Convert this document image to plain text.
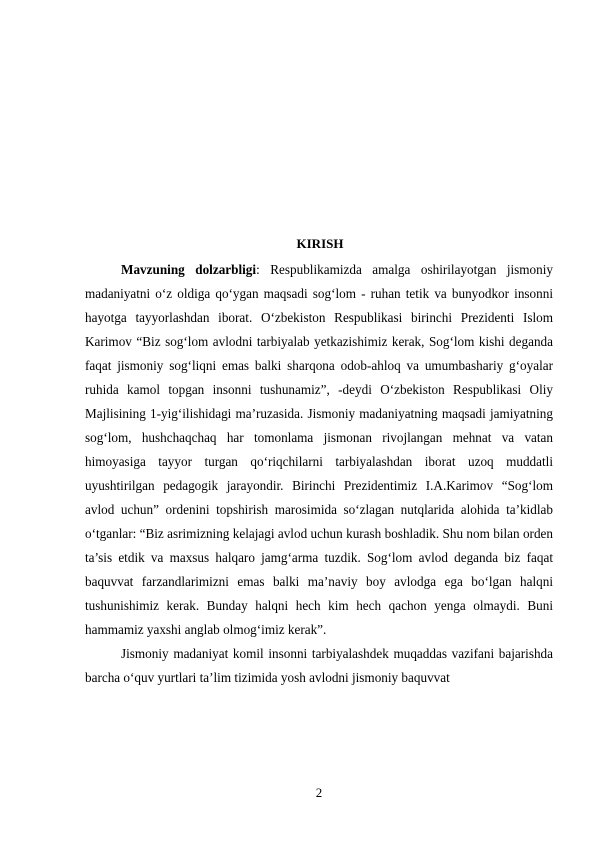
KIRISH

Mavzuning dolzarbligi: Respublikamizda amalga oshirilayotgan jismoniy madaniyatni o‘z oldiga qo‘ygan maqsadi sog‘lom - ruhan tetik va bunyodkor insonni hayotga tayyorlashdan iborat. O‘zbekiston Respublikasi birinchi Prezidenti Islom Karimov “Biz sog‘lom avlodni tarbiyalab yetkazishimiz kerak, Sog‘lom kishi deganda faqat jismoniy sog‘liqni emas balki sharqona odob-ahloq va umumbashariy g‘oyalar ruhida kamol topgan insonni tushunamiz”, -deydi O‘zbekiston Respublikasi Oliy Majlisining 1-yig‘ilishidagi ma’ruzasida. Jismoniy madaniyatning maqsadi jamiyatning sog‘lom, hushchaqchaq har tomonlama jismonan rivojlangan mehnat va vatan himoyasiga tayyor turgan qo‘riqchilarni tarbiyalashdan iborat uzoq muddatli uyushtirilgan pedagogik jarayondir. Birinchi Prezidentimiz I.A.Karimov “Sog‘lom avlod uchun” ordenini topshirish marosimida so‘zlagan nutqlarida alohida ta’kidlab o‘tganlar: “Biz asrimizning kelajagi avlod uchun kurash boshladik. Shu nom bilan orden ta’sis etdik va maxsus halqaro jamg‘arma tuzdik. Sog‘lom avlod deganda biz faqat baquvvat farzandlarimizni emas balki ma’naviy boy avlodga ega bo‘lgan halqni tushunishimiz kerak. Bunday halqni hech kim hech qachon yenga olmaydi. Buni hammamiz yaxshi anglab olmog‘imiz kerak”.

Jismoniy madaniyat komil insonni tarbiyalashdek muqaddas vazifani bajarishda barcha o‘quv yurtlari ta’lim tizimida yosh avlodni jismoniy baquvvat

2
